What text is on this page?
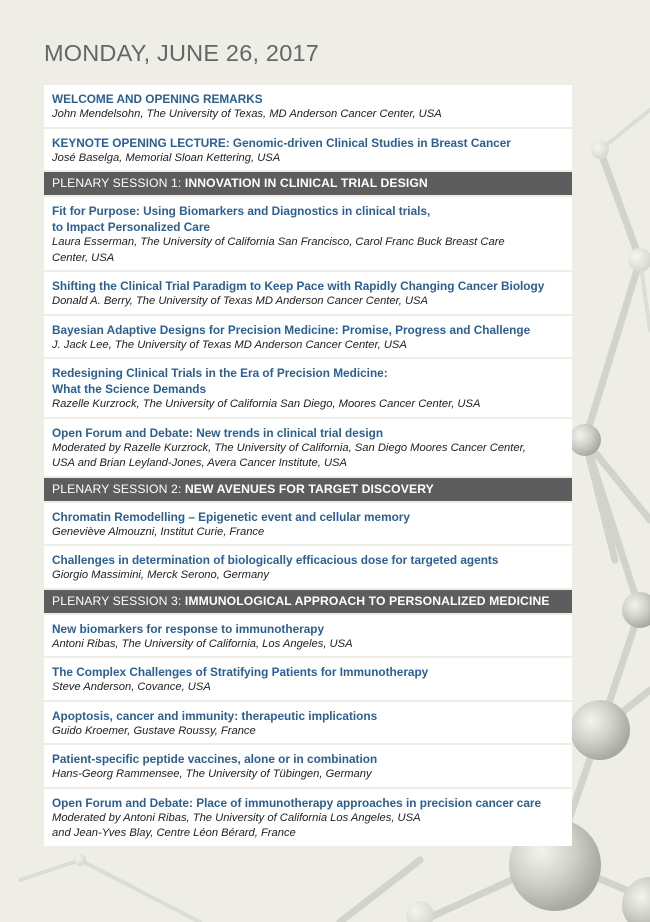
MONDAY, JUNE 26, 2017
WELCOME AND OPENING REMARKS
John Mendelsohn, The University of Texas, MD Anderson Cancer Center, USA
KEYNOTE OPENING LECTURE: Genomic-driven Clinical Studies in Breast Cancer
José Baselga, Memorial Sloan Kettering, USA
PLENARY SESSION 1: INNOVATION IN CLINICAL TRIAL DESIGN
Fit for Purpose: Using Biomarkers and Diagnostics in clinical trials,
to Impact Personalized Care
Laura Esserman, The University of California San Francisco, Carol Franc Buck Breast Care
Center, USA
Shifting the Clinical Trial Paradigm to Keep Pace with Rapidly Changing Cancer Biology
Donald A. Berry, The University of Texas MD Anderson Cancer Center, USA
Bayesian Adaptive Designs for Precision Medicine: Promise, Progress and Challenge
J. Jack Lee, The University of Texas MD Anderson Cancer Center, USA
Redesigning Clinical Trials in the Era of Precision Medicine:
What the Science Demands
Razelle Kurzrock, The University of California San Diego, Moores Cancer Center, USA
Open Forum and Debate: New trends in clinical trial design
Moderated by Razelle Kurzrock, The University of California, San Diego Moores Cancer Center,
USA and Brian Leyland-Jones, Avera Cancer Institute, USA
PLENARY SESSION 2: NEW AVENUES FOR TARGET DISCOVERY
Chromatin Remodelling – Epigenetic event and cellular memory
Geneviève Almouzni, Institut Curie, France
Challenges in determination of biologically efficacious dose for targeted agents
Giorgio Massimini, Merck Serono, Germany
PLENARY SESSION 3: IMMUNOLOGICAL APPROACH TO PERSONALIZED MEDICINE
New biomarkers for response to immunotherapy
Antoni Ribas, The University of California, Los Angeles, USA
The Complex Challenges of Stratifying Patients for Immunotherapy
Steve Anderson, Covance, USA
Apoptosis, cancer and immunity: therapeutic implications
Guido Kroemer, Gustave Roussy, France
Patient-specific peptide vaccines, alone or in combination
Hans-Georg Rammensee, The University of Tübingen, Germany
Open Forum and Debate: Place of immunotherapy approaches in precision cancer care
Moderated by Antoni Ribas, The University of California Los Angeles, USA
and Jean-Yves Blay, Centre Léon Bérard, France
